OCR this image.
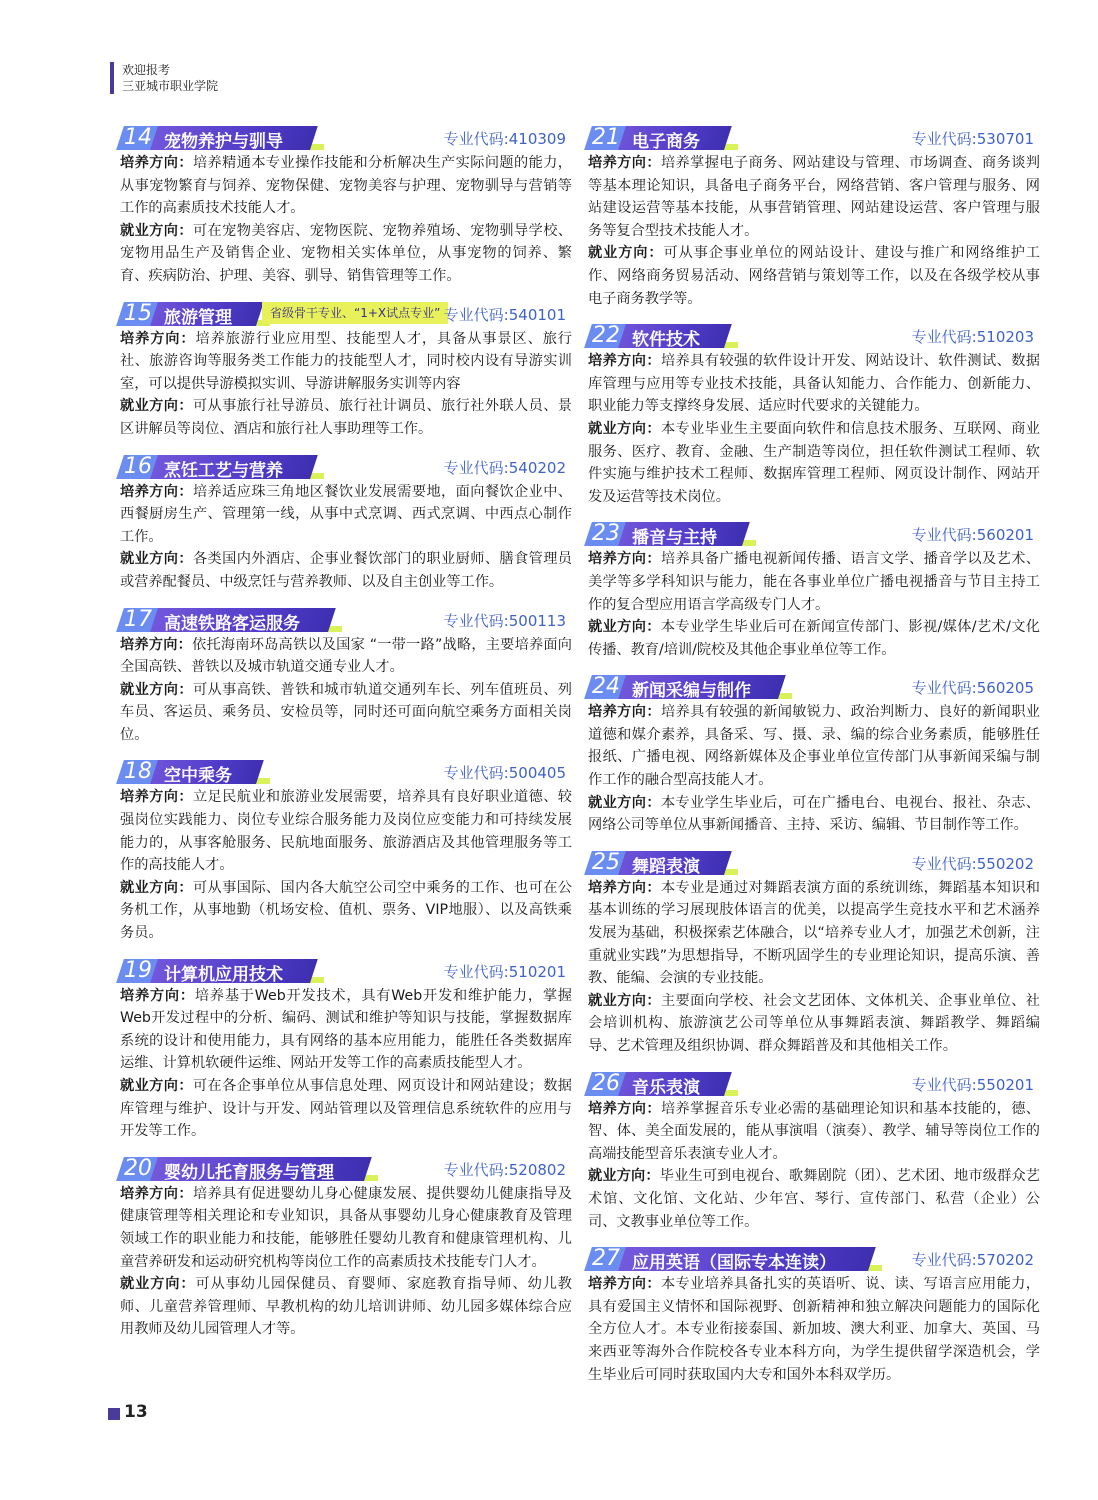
欢迎报考
三亚城市职业学院
14 宠物养护与驯导	专业代码:410309

培养方向：培养精通本专业操作技能和分析解决生产实际问题的能力，从事宠物繁育与饲养、宠物保健、宠物美容与护理、宠物驯导与营销等工作的高素质技术技能人才。

就业方向：可在宠物美容店、宠物医院、宠物养殖场、宠物驯导学校、宠物用品生产及销售企业、宠物相关实体单位，从事宠物的饲养、繁育、疾病防治、护理、美容、驯导、销售管理等工作。

15 旅游管理	省级骨干专业、“1+X试点专业” 专业代码:540101

培养方向：培养旅游行业应用型、技能型人才，具备从事景区、旅行社、旅游咨询等服务类工作能力的技能型人才，同时校内设有导游实训室，可以提供导游模拟实训、导游讲解服务实训等内容

就业方向：可从事旅行社导游员、旅行社计调员、旅行社外联人员、景区讲解员等岗位、酒店和旅行社人事助理等工作。

16 烹饪工艺与营养	专业代码:540202

培养方向：培养适应珠三角地区餐饮业发展需要地，面向餐饮企业中、西餐厨房生产、管理第一线，从事中式烹调、西式烹调、中西点心制作工作。

就业方向：各类国内外酒店、企事业餐饮部门的职业厨师、膳食管理员或营养配餐员、中级烹饪与营养教师、以及自主创业等工作。

17 高速铁路客运服务	专业代码:500113

培养方向：依托海南环岛高铁以及国家 “一带一路”战略，主要培养面向全国高铁、普铁以及城市轨道交通专业人才。

就业方向：可从事高铁、普铁和城市轨道交通列车长、列车值班员、列车员、客运员、乘务员、安检员等，同时还可面向航空乘务方面相关岗位。

18 空中乘务	专业代码:500405

培养方向：立足民航业和旅游业发展需要，培养具有良好职业道德、较强岗位实践能力、岗位专业综合服务能力及岗位应变能力和可持续发展能力的，从事客舱服务、民航地面服务、旅游酒店及其他管理服务等工作的高技能人才。

就业方向：可从事国际、国内各大航空公司空中乘务的工作、也可在公务机工作，从事地勤（机场安检、值机、票务、VIP地服）、以及高铁乘务员。

19 计算机应用技术	专业代码:510201

培养方向：培养基于Web开发技术，具有Web开发和维护能力，掌握Web开发过程中的分析、编码、测试和维护等知识与技能，掌握数据库系统的设计和使用能力，具有网络的基本应用能力，能胜任各类数据库运维、计算机软硬件运维、网站开发等工作的高素质技能型人才。

就业方向：可在各企事单位从事信息处理、网页设计和网站建设；数据库管理与维护、设计与开发、网站管理以及管理信息系统软件的应用与开发等工作。

20 婴幼儿托育服务与管理	专业代码:520802

培养方向：培养具有促进婴幼儿身心健康发展、提供婴幼儿健康指导及健康管理等相关理论和专业知识，具备从事婴幼儿身心健康教育及管理领域工作的职业能力和技能，能够胜任婴幼儿教育和健康管理机构、儿童营养研发和运动研究机构等岗位工作的高素质技术技能专门人才。

就业方向：可从事幼儿园保健员、育婴师、家庭教育指导师、幼儿教师、儿童营养管理师、早教机构的幼儿培训讲师、幼儿园多媒体综合应用教师及幼儿园管理人才等。

21 电子商务	专业代码:530701

培养方向：培养掌握电子商务、网站建设与管理、市场调查、商务谈判等基本理论知识，具备电子商务平台，网络营销、客户管理与服务、网站建设运营等基本技能，从事营销管理、网站建设运营、客户管理与服务等复合型技术技能人才。

就业方向：可从事企事业单位的网站设计、建设与推广和网络维护工作、网络商务贸易活动、网络营销与策划等工作，以及在各级学校从事电子商务教学等。

22 软件技术	专业代码:510203

培养方向：培养具有较强的软件设计开发、网站设计、软件测试、数据库管理与应用等专业技术技能，具备认知能力、合作能力、创新能力、职业能力等支撑终身发展、适应时代要求的关键能力。

就业方向：本专业毕业生主要面向软件和信息技术服务、互联网、商业服务、医疗、教育、金融、生产制造等岗位，担任软件测试工程师、软件实施与维护技术工程师、数据库管理工程师、网页设计制作、网站开发及运营等技术岗位。

23 播音与主持	专业代码:560201

培养方向：培养具备广播电视新闻传播、语言文学、播音学以及艺术、美学等多学科知识与能力，能在各事业单位广播电视播音与节目主持工作的复合型应用语言学高级专门人才。

就业方向：本专业学生毕业后可在新闻宣传部门、影视/媒体/艺术/文化传播、教育/培训/院校及其他企事业单位等工作。

24 新闻采编与制作	专业代码:560205

培养方向：培养具有较强的新闻敏锐力、政治判断力、良好的新闻职业道德和媒介素养，具备采、写、摄、录、编的综合业务素质，能够胜任报纸、广播电视、网络新媒体及企事业单位宣传部门从事新闻采编与制作工作的融合型高技能人才。

就业方向：本专业学生毕业后，可在广播电台、电视台、报社、杂志、网络公司等单位从事新闻播音、主持、采访、编辑、节目制作等工作。

25 舞蹈表演	专业代码:550202

培养方向：本专业是通过对舞蹈表演方面的系统训练，舞蹈基本知识和基本训练的学习展现肢体语言的优美，以提高学生竞技水平和艺术涵养发展为基础，积极探索艺体融合，以“培养专业人才，加强艺术创新，注重就业实践”为思想指导，不断巩固学生的专业理论知识，提高乐演、善教、能编、会演的专业技能。

就业方向：主要面向学校、社会文艺团体、文体机关、企事业单位、社会培训机构、旅游演艺公司等单位从事舞蹈表演、舞蹈教学、舞蹈编导、艺术管理及组织协调、群众舞蹈普及和其他相关工作。

26 音乐表演	专业代码:550201

培养方向：培养掌握音乐专业必需的基础理论知识和基本技能的，德、智、体、美全面发展的，能从事演唱（演奏）、教学、辅导等岗位工作的高端技能型音乐表演专业人才。

就业方向：毕业生可到电视台、歌舞剧院（团）、艺术团、地市级群众艺术馆、文化馆、文化站、少年宫、琴行、宣传部门、私营（企业）公司、文教事业单位等工作。

27 应用英语（国际专本连读）	专业代码:570202

培养方向：本专业培养具备扎实的英语听、说、读、写语言应用能力，具有爱国主义情怀和国际视野、创新精神和独立解决问题能力的国际化全方位人才。本专业衔接泰国、新加坡、澳大利亚、加拿大、英国、马来西亚等海外合作院校各专业本科方向，为学生提供留学深造机会，学生毕业后可同时获取国内大专和国外本科双学历。

13
